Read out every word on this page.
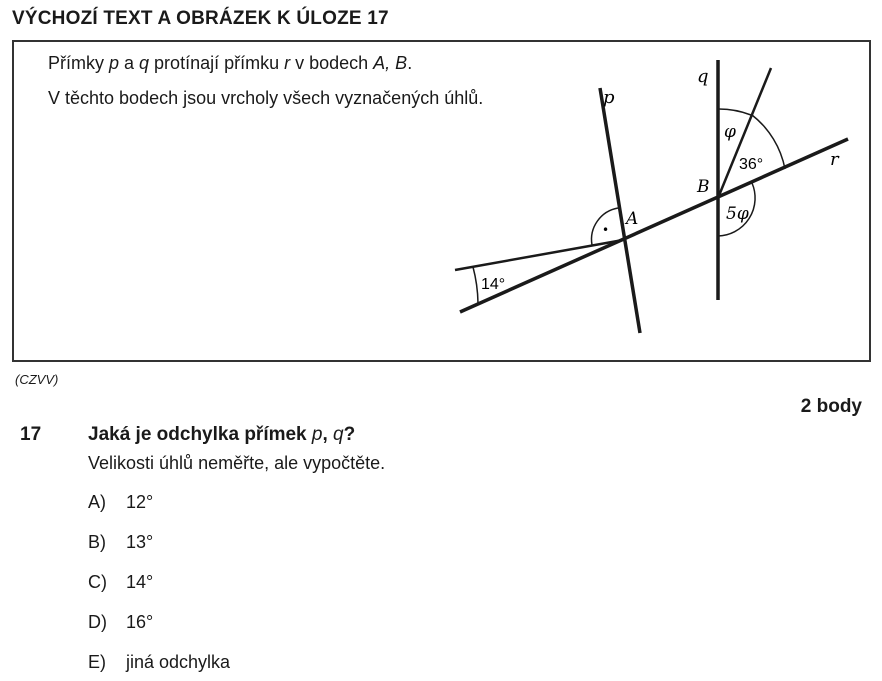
VÝCHOZÍ TEXT A OBRÁZEK K ÚLOZE 17
Přímky p a q protínají přímku r v bodech A, B.
V těchto bodech jsou vrcholy všech vyznačených úhlů.	p
q
r
A
B
14°
φ
36°
5φ
•
(CZVV)
2 body
17 Jaká je odchylka přímek p, q?
Velikosti úhlů neměřte, ale vypočtěte.
A)	12°
B)	13°
C)	14°
D)	16°
E)	jiná odchylka
